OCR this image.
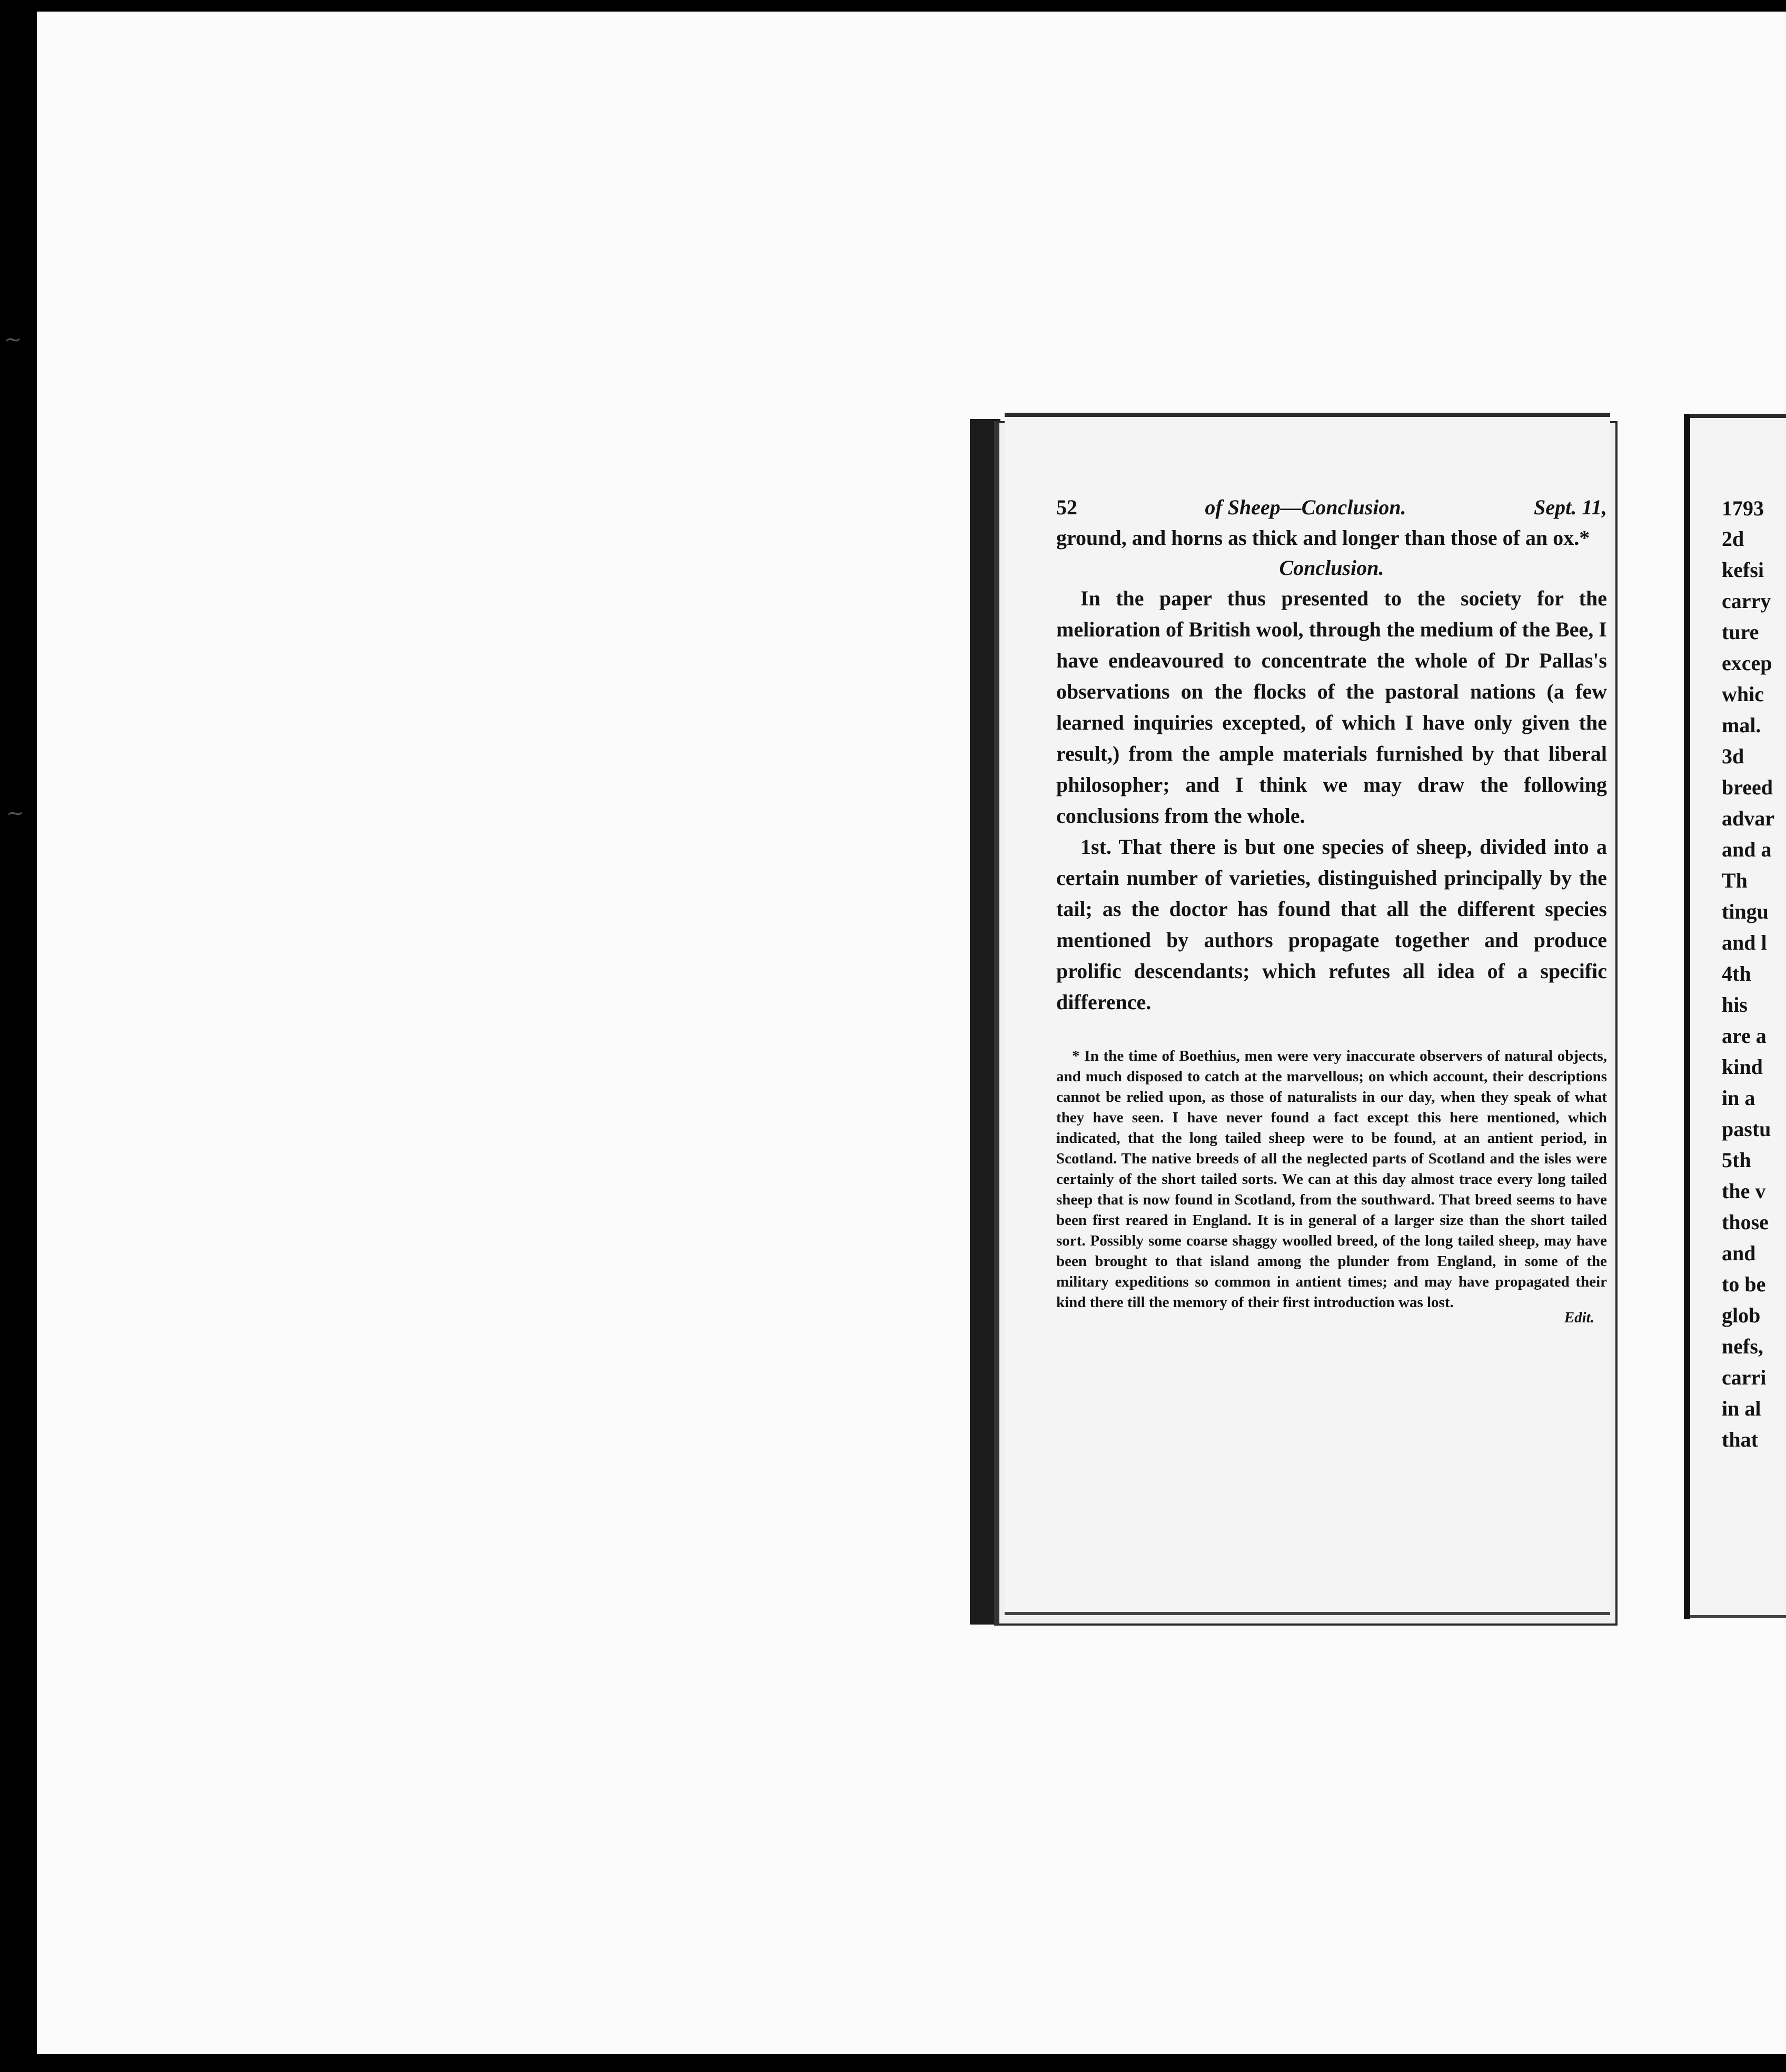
~
~
52	of Sheep—Conclusion.	Sept. 11,

ground, and horns as thick and longer than those of an ox.*

Conclusion.

In the paper thus presented to the society for the melioration of British wool, through the medium of the Bee, I have endeavoured to concentrate the whole of Dr Pallas's observations on the flocks of the pastoral nations (a few learned inquiries excepted, of which I have only given the result,) from the ample materials furnished by that liberal philosopher; and I think we may draw the following conclusions from the whole.

1st. That there is but one species of sheep, divided into a certain number of varieties, distinguished principally by the tail; as the doctor has found that all the different species mentioned by authors propagate together and produce prolific descendants; which refutes all idea of a specific difference.

* In the time of Boethius, men were very inaccurate observers of natural objects, and much disposed to catch at the marvellous; on which account, their descriptions cannot be relied upon, as those of naturalists in our day, when they speak of what they have seen. I have never found a fact except this here mentioned, which indicated, that the long tailed sheep were to be found, at an antient period, in Scotland. The native breeds of all the neglected parts of Scotland and the isles were certainly of the short tailed sorts. We can at this day almost trace every long tailed sheep that is now found in Scotland, from the southward. That breed seems to have been first reared in England. It is in general of a larger size than the short tailed sort. Possibly some coarse shaggy woolled breed, of the long tailed sheep, may have been brought to that island among the plunder from England, in some of the military expeditions so common in antient times; and may have propagated their kind there till the memory of their first introduction was lost.

Edit.

1793
2d
kefsi
carry
ture
excep
whic
mal.
3d
breed
advar
and a
Th
tingu
and l
4th
his
are a
kind
in a
pastu
5th
the v
those
and
to be
glob
nefs,
carri
in al
that
